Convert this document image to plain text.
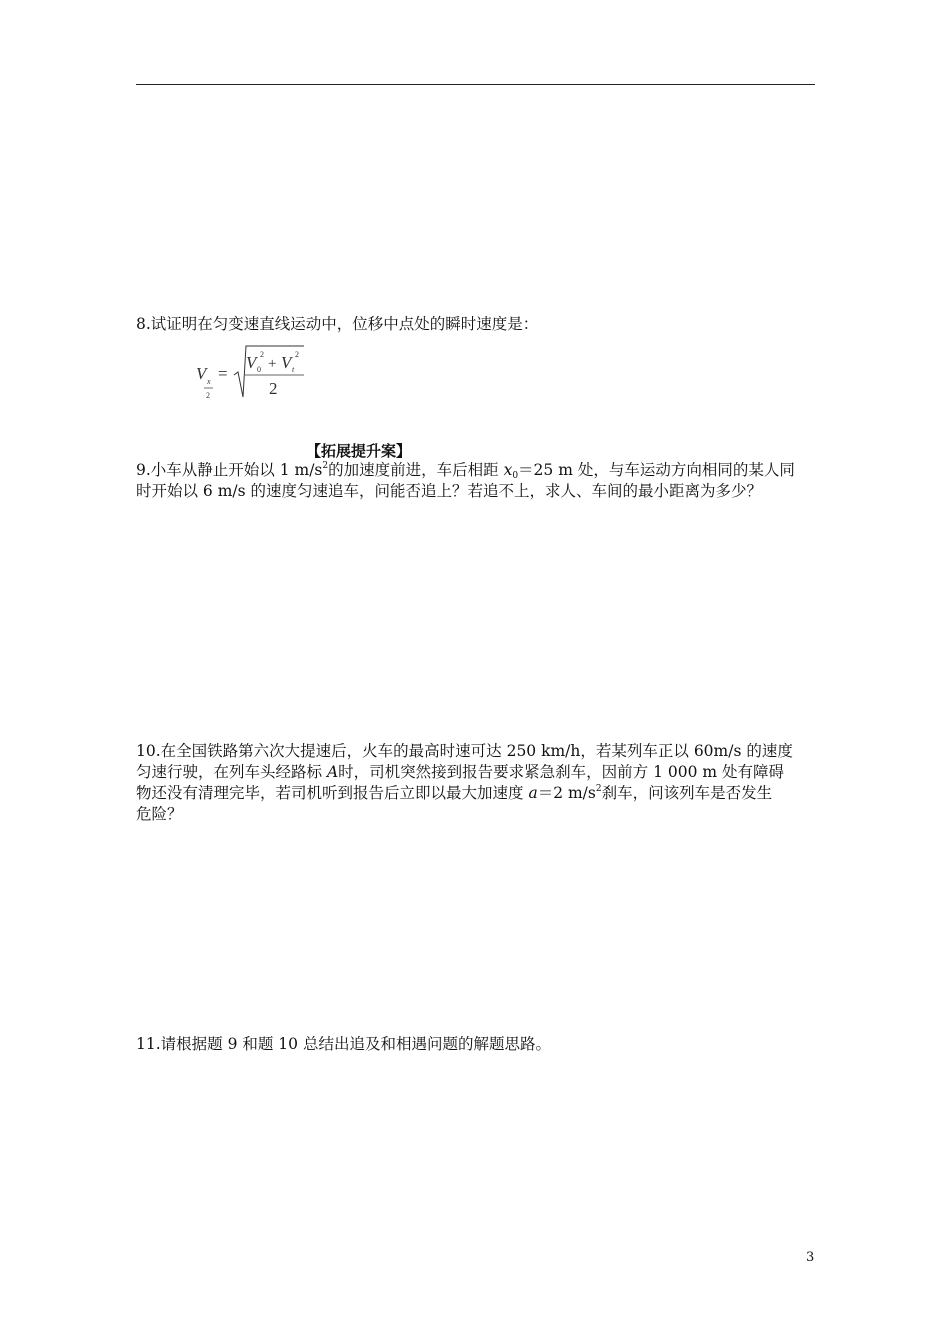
8.试证明在匀变速直线运动中，位移中点处的瞬时速度是：
V x
2
=
V 0
2
+ V t
2
2
【拓展提升案】
9.小车从静止开始以 1 $m/s^2$的加速度前进，车后相距 $x_0=25$ m 处，与车运动方向相同的某人同
时开始以 6 m/s 的速度匀速追车，问能否追上？若追不上，求人、车间的最小距离为多少？
10.在全国铁路第六次大提速后，火车的最高时速可达 250 km/h，若某列车正以 60m/s 的速度
匀速行驶，在列车头经路标 A时，司机突然接到报告要求紧急刹车，因前方 1 000 m 处有障碍
物还没有清理完毕，若司机听到报告后立即以最大加速度 a＝2 $m/s^2$刹车，问该列车是否发生
危险？
11.请根据题 9 和题 10 总结出追及和相遇问题的解题思路。
3
